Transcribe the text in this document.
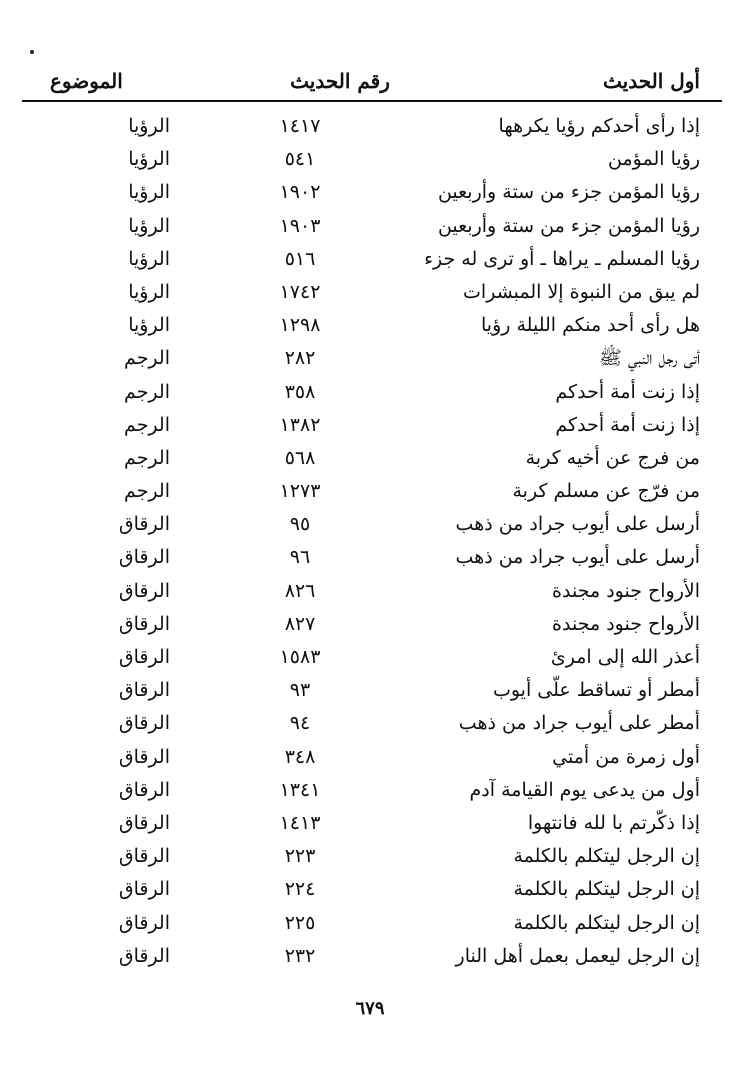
أول الحديث
رقم الحديث
الموضوع
إذا رأى أحدكم رؤيا يكرهها
١٤١٧
الرؤيا
رؤيا المؤمن
٥٤١
الرؤيا
رؤيا المؤمن جزء من ستة وأربعين
١٩٠٢
الرؤيا
رؤيا المؤمن جزء من ستة وأربعين
١٩٠٣
الرؤيا
رؤيا المسلم ـ يراها ـ أو ترى له جزء
٥١٦
الرؤيا
لم يبق من النبوة إلا المبشرات
١٧٤٢
الرؤيا
هل رأى أحد منكم الليلة رؤيا
١٢٩٨
الرؤيا
أتى رجل النبي ﷺ
٢٨٢
الرجم
إذا زنت أمة أحدكم
٣٥٨
الرجم
إذا زنت أمة أحدكم
١٣٨٢
الرجم
من فرج عن أخيه كربة
٥٦٨
الرجم
من فرّج عن مسلم كربة
١٢٧٣
الرجم
أرسل على أيوب جراد من ذهب
٩٥
الرقاق
أرسل على أيوب جراد من ذهب
٩٦
الرقاق
الأرواح جنود مجندة
٨٢٦
الرقاق
الأرواح جنود مجندة
٨٢٧
الرقاق
أعذر الله إلى امرئ
١٥٨٣
الرقاق
أمطر أو تساقط علّى أيوب
٩٣
الرقاق
أمطر على أيوب جراد من ذهب
٩٤
الرقاق
أول زمرة من أمتي
٣٤٨
الرقاق
أول من يدعى يوم القيامة آدم
١٣٤١
الرقاق
إذا ذكّرتم با لله فانتهوا
١٤١٣
الرقاق
إن الرجل ليتكلم بالكلمة
٢٢٣
الرقاق
إن الرجل ليتكلم بالكلمة
٢٢٤
الرقاق
إن الرجل ليتكلم بالكلمة
٢٢٥
الرقاق
إن الرجل ليعمل بعمل أهل النار
٢٣٢
الرقاق
٦٧٩
